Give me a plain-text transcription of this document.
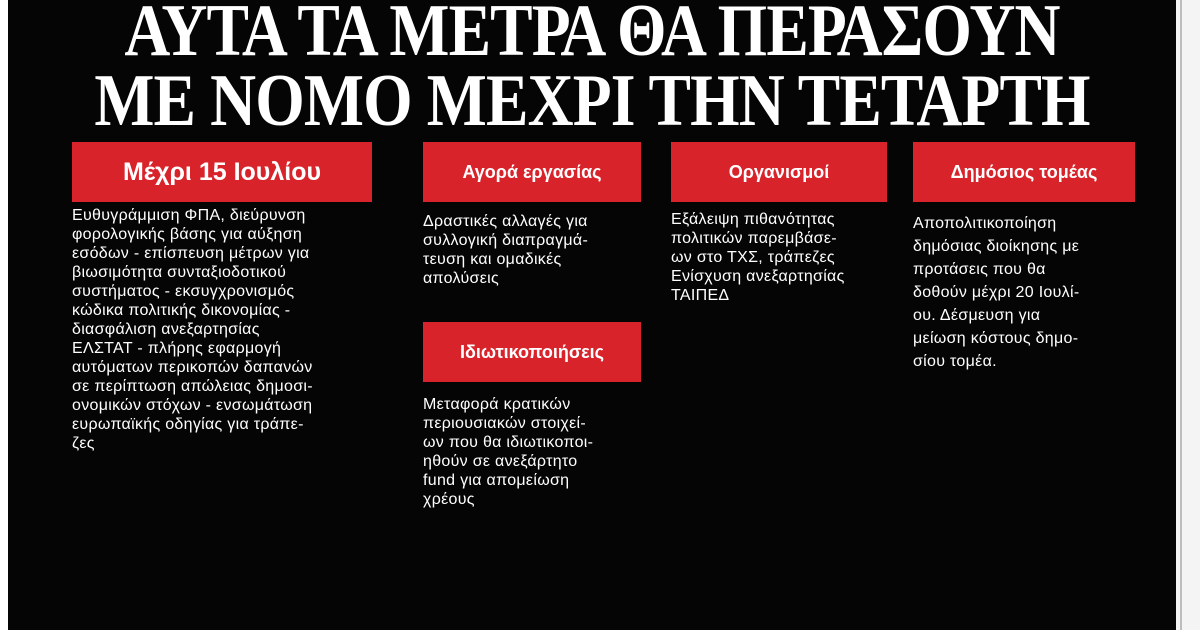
ΑΥΤΑ ΤΑ ΜΕΤΡΑ ΘΑ ΠΕΡΑΣΟΥΝ
ΜΕ ΝΟΜΟ ΜΕΧΡΙ ΤΗΝ ΤΕΤΑΡΤΗ
Μέχρι 15 Ιουλίου
Ευθυγράμμιση ΦΠΑ, διεύρυνση
φορολογικής βάσης για αύξηση
εσόδων - επίσπευση μέτρων για
βιωσιμότητα συνταξιοδοτικού
συστήματος - εκσυγχρονισμός
κώδικα πολιτικής δικονομίας -
διασφάλιση ανεξαρτησίας
ΕΛΣΤΑΤ - πλήρης εφαρμογή
αυτόματων περικοπών δαπανών
σε περίπτωση απώλειας δημοσι-
ονομικών στόχων - ενσωμάτωση
ευρωπαϊκής οδηγίας για τράπε-
ζες
Αγορά εργασίας
Δραστικές αλλαγές για
συλλογική διαπραγμά-
τευση και ομαδικές
απολύσεις
Ιδιωτικοποιήσεις
Μεταφορά κρατικών
περιουσιακών στοιχεί-
ων που θα ιδιωτικοποι-
ηθούν σε ανεξάρτητο
fund για απομείωση
χρέους
Οργανισμοί
Εξάλειψη πιθανότητας
πολιτικών παρεμβάσε-
ων στο ΤΧΣ, τράπεζες
Ενίσχυση ανεξαρτησίας
ΤΑΙΠΕΔ
Δημόσιος τομέας
Αποπολιτικοποίηση
δημόσιας διοίκησης με
προτάσεις που θα
δοθούν μέχρι 20 Ιουλί-
ου. Δέσμευση για
μείωση κόστους δημο-
σίου τομέα.
